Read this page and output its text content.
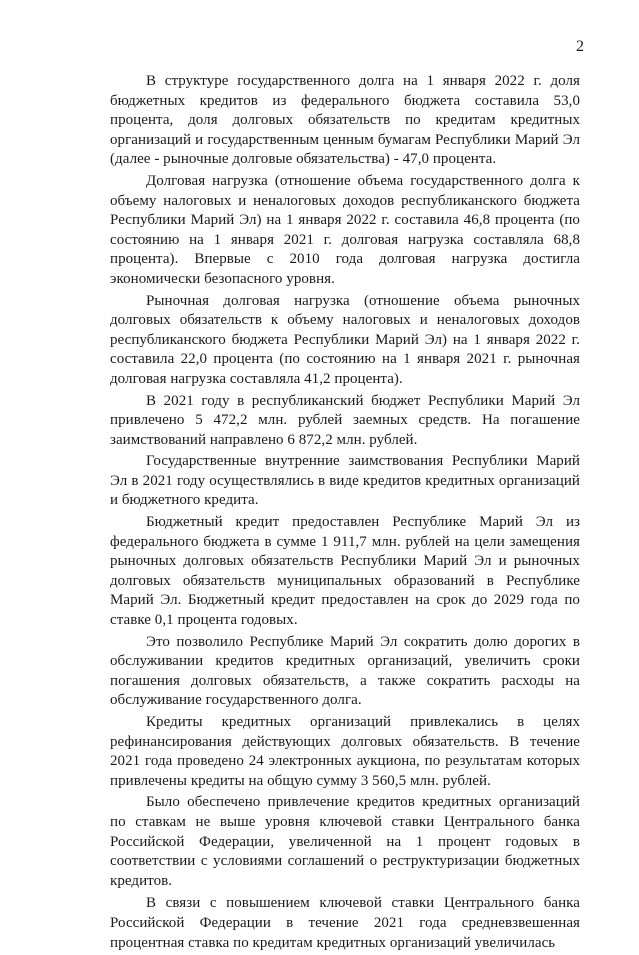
2

В структуре государственного долга на 1 января 2022 г. доля бюджетных кредитов из федерального бюджета составила 53,0 процента, доля долговых обязательств по кредитам кредитных организаций и государственным ценным бумагам Республики Марий Эл (далее - рыночные долговые обязательства) - 47,0 процента.

Долговая нагрузка (отношение объема государственного долга к объему налоговых и неналоговых доходов республиканского бюджета Республики Марий Эл) на 1 января 2022 г. составила 46,8 процента (по состоянию на 1 января 2021 г. долговая нагрузка составляла 68,8 процента). Впервые с 2010 года долговая нагрузка достигла экономически безопасного уровня.

Рыночная долговая нагрузка (отношение объема рыночных долговых обязательств к объему налоговых и неналоговых доходов республиканского бюджета Республики Марий Эл) на 1 января 2022 г. составила 22,0 процента (по состоянию на 1 января 2021 г. рыночная долговая нагрузка составляла 41,2 процента).

В 2021 году в республиканский бюджет Республики Марий Эл привлечено 5 472,2 млн. рублей заемных средств. На погашение заимствований направлено 6 872,2 млн. рублей.

Государственные внутренние заимствования Республики Марий Эл в 2021 году осуществлялись в виде кредитов кредитных организаций и бюджетного кредита.

Бюджетный кредит предоставлен Республике Марий Эл из федерального бюджета в сумме 1 911,7 млн. рублей на цели замещения рыночных долговых обязательств Республики Марий Эл и рыночных долговых обязательств муниципальных образований в Республике Марий Эл. Бюджетный кредит предоставлен на срок до 2029 года по ставке 0,1 процента годовых.

Это позволило Республике Марий Эл сократить долю дорогих в обслуживании кредитов кредитных организаций, увеличить сроки погашения долговых обязательств, а также сократить расходы на обслуживание государственного долга.

Кредиты кредитных организаций привлекались в целях рефинансирования действующих долговых обязательств. В течение 2021 года проведено 24 электронных аукциона, по результатам которых привлечены кредиты на общую сумму 3 560,5 млн. рублей.

Было обеспечено привлечение кредитов кредитных организаций по ставкам не выше уровня ключевой ставки Центрального банка Российской Федерации, увеличенной на 1 процент годовых в соответствии с условиями соглашений о реструктуризации бюджетных кредитов.

В связи с повышением ключевой ставки Центрального банка Российской Федерации в течение 2021 года средневзвешенная процентная ставка по кредитам кредитных организаций увеличилась
